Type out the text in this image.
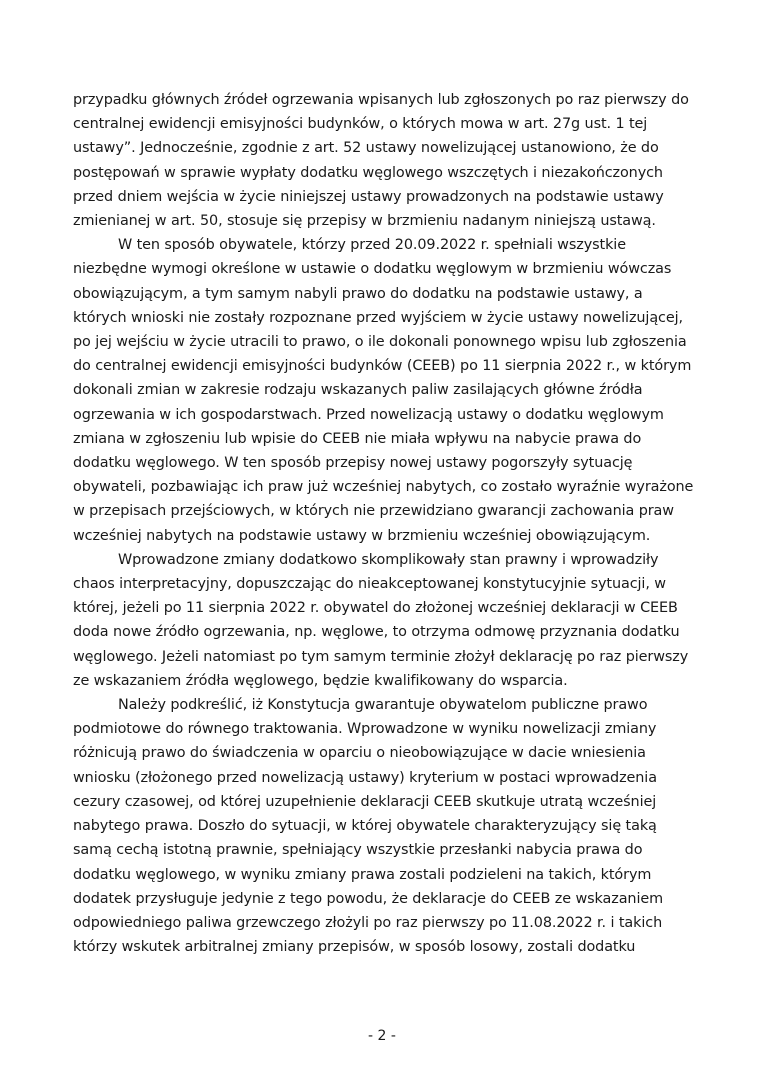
przypadku głównych źródeł ogrzewania wpisanych lub zgłoszonych po raz pierwszy do
centralnej ewidencji emisyjności budynków, o których mowa w art. 27g ust. 1 tej
ustawy”. Jednocześnie, zgodnie z art. 52 ustawy nowelizującej ustanowiono, że do
postępowań w sprawie wypłaty dodatku węglowego wszczętych i niezakończonych
przed dniem wejścia w życie niniejszej ustawy prowadzonych na podstawie ustawy
zmienianej w art. 50, stosuje się przepisy w brzmieniu nadanym niniejszą ustawą.
W ten sposób obywatele, którzy przed 20.09.2022 r. spełniali wszystkie
niezbędne wymogi określone w ustawie o dodatku węglowym w brzmieniu wówczas
obowiązującym, a tym samym nabyli prawo do dodatku na podstawie ustawy, a
których wnioski nie zostały rozpoznane przed wyjściem w życie ustawy nowelizującej,
po jej wejściu w życie utracili to prawo, o ile dokonali ponownego wpisu lub zgłoszenia
do centralnej ewidencji emisyjności budynków (CEEB) po 11 sierpnia 2022 r., w którym
dokonali zmian w zakresie rodzaju wskazanych paliw zasilających główne źródła
ogrzewania w ich gospodarstwach. Przed nowelizacją ustawy o dodatku węglowym
zmiana w zgłoszeniu lub wpisie do CEEB nie miała wpływu na nabycie prawa do
dodatku węglowego. W ten sposób przepisy nowej ustawy pogorszyły sytuację
obywateli, pozbawiając ich praw już wcześniej nabytych, co zostało wyraźnie wyrażone
w przepisach przejściowych, w których nie przewidziano gwarancji zachowania praw
wcześniej nabytych na podstawie ustawy w brzmieniu wcześniej obowiązującym.
Wprowadzone zmiany dodatkowo skomplikowały stan prawny i wprowadziły
chaos interpretacyjny, dopuszczając do nieakceptowanej konstytucyjnie sytuacji, w
której, jeżeli po 11 sierpnia 2022 r. obywatel do złożonej wcześniej deklaracji w CEEB
doda nowe źródło ogrzewania, np. węglowe, to otrzyma odmowę przyznania dodatku
węglowego. Jeżeli natomiast po tym samym terminie złożył deklarację po raz pierwszy
ze wskazaniem źródła węglowego, będzie kwalifikowany do wsparcia.
Należy podkreślić, iż Konstytucja gwarantuje obywatelom publiczne prawo
podmiotowe do równego traktowania. Wprowadzone w wyniku nowelizacji zmiany
różnicują prawo do świadczenia w oparciu o nieobowiązujące w dacie wniesienia
wniosku (złożonego przed nowelizacją ustawy) kryterium w postaci wprowadzenia
cezury czasowej, od której uzupełnienie deklaracji CEEB skutkuje utratą wcześniej
nabytego prawa. Doszło do sytuacji, w której obywatele charakteryzujący się taką
samą cechą istotną prawnie, spełniający wszystkie przesłanki nabycia prawa do
dodatku węglowego, w wyniku zmiany prawa zostali podzieleni na takich, którym
dodatek przysługuje jedynie z tego powodu, że deklaracje do CEEB ze wskazaniem
odpowiedniego paliwa grzewczego złożyli po raz pierwszy po 11.08.2022 r. i takich
którzy wskutek arbitralnej zmiany przepisów, w sposób losowy, zostali dodatku
- 2 -
